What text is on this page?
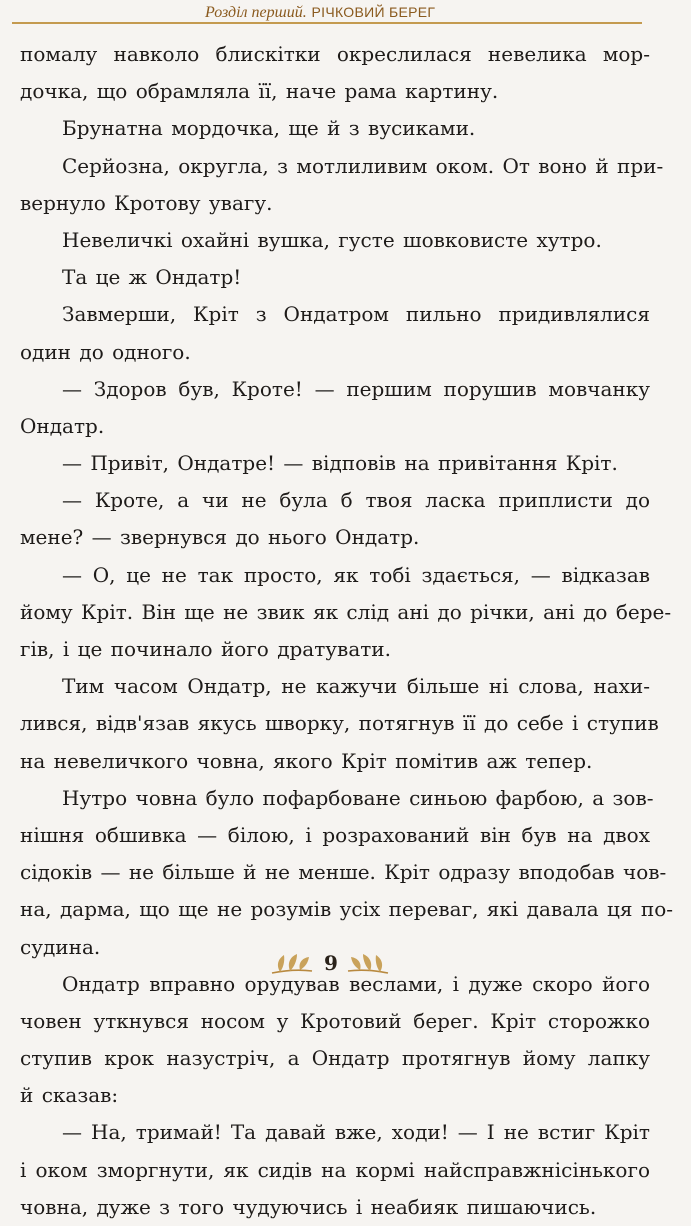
Розділ перший. РІЧКОВИЙ БЕРЕГ
помалу навколо блискітки окреслилася невелика мор-
дочка, що обрамляла її, наче рама картину.
Брунатна мордочка, ще й з вусиками.
Серйозна, округла, з мотлиливим оком. От воно й при-
вернуло Кротову увагу.
Невеличкі охайні вушка, густе шовковисте хутро.
Та це ж Ондатр!
Завмерши, Кріт з Ондатром пильно придивлялися
один до одного.
— Здоров був, Кроте! — першим порушив мовчанку
Ондатр.
— Привіт, Ондатре! — відповів на привітання Кріт.
— Кроте, а чи не була б твоя ласка приплисти до
мене? — звернувся до нього Ондатр.
— О, це не так просто, як тобі здається, — відказав
йому Кріт. Він ще не звик як слід ані до річки, ані до бере-
гів, і це починало його дратувати.
Тим часом Ондатр, не кажучи більше ні слова, нахи-
лився, відв'язав якусь шворку, потягнув її до себе і ступив
на невеличкого човна, якого Кріт помітив аж тепер.
Нутро човна було пофарбоване синьою фарбою, а зов-
нішня обшивка — білою, і розрахований він був на двох
сідоків — не більше й не менше. Кріт одразу вподобав чов-
на, дарма, що ще не розумів усіх переваг, які давала ця по-
судина.
Ондатр вправно орудував веслами, і дуже скоро його
човен уткнувся носом у Кротовий берег. Кріт сторожко
ступив крок назустріч, а Ондатр протягнув йому лапку
й сказав:
— На, тримай! Та давай вже, ходи! — І не встиг Кріт
і оком зморгнути, як сидів на кормі найсправжнісінького
човна, дуже з того чудуючись і неабияк пишаючись.
9
